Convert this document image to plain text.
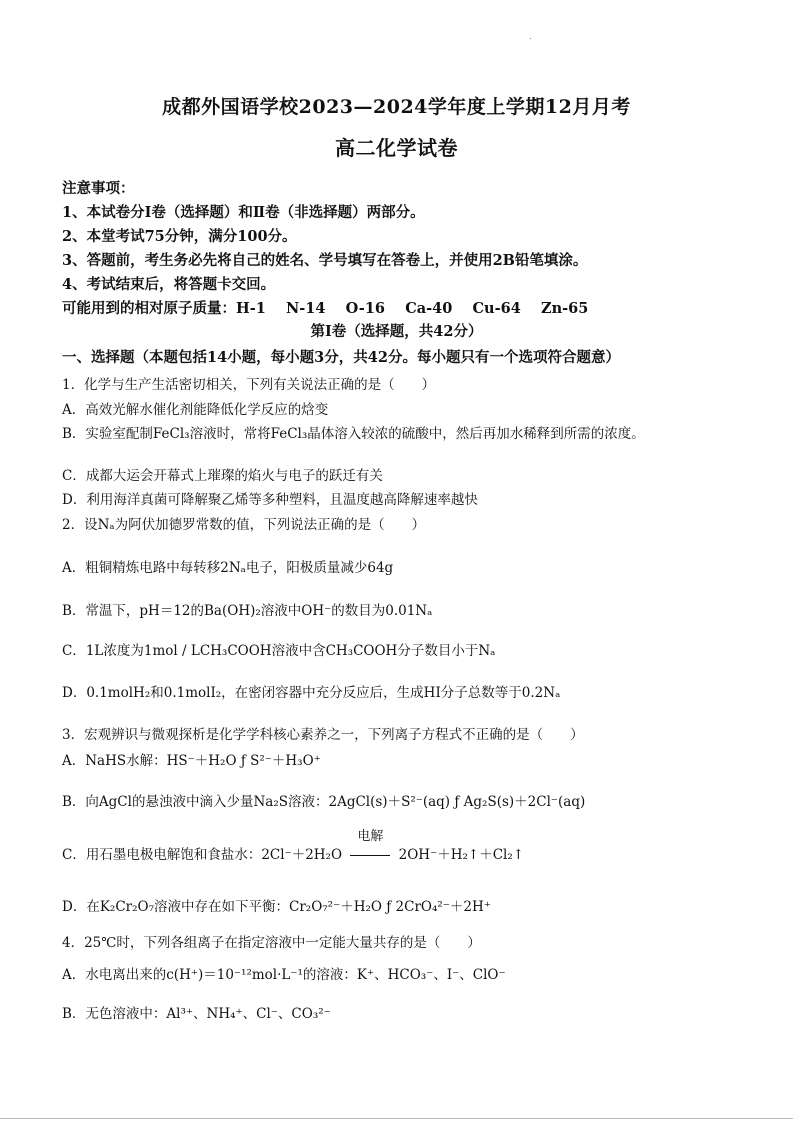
成都外国语学校2023—2024学年度上学期12月月考
高二化学试卷
注意事项：
1、本试卷分Ⅰ卷（选择题）和Ⅱ卷（非选择题）两部分。
2、本堂考试75分钟，满分100分。
3、答题前，考生务必先将自己的姓名、学号填写在答卷上，并使用2B铅笔填涂。
4、考试结束后，将答题卡交回。
可能用到的相对原子质量：H-1    N-14    O-16    Ca-40    Cu-64    Zn-65
第Ⅰ卷（选择题，共42分）
一、选择题（本题包括14小题，每小题3分，共42分。每小题只有一个选项符合题意）
1．化学与生产生活密切相关，下列有关说法正确的是（　　）
A．高效光解水催化剂能降低化学反应的焓变
B．实验室配制FeCl₃溶液时，常将FeCl₃晶体溶入较浓的硫酸中，然后再加水稀释到所需的浓度。
C．成都大运会开幕式上璀璨的焰火与电子的跃迁有关
D．利用海洋真菌可降解聚乙烯等多种塑料，且温度越高降解速率越快
2．设Nₐ为阿伏加德罗常数的值，下列说法正确的是（　　）
A．粗铜精炼电路中每转移2Nₐ电子，阳极质量减少64g
B．常温下，pH＝12的Ba(OH)₂溶液中OH⁻的数目为0.01Nₐ
C．1L浓度为1mol / LCH₃COOH溶液中含CH₃COOH分子数目小于Nₐ
D．0.1molH₂和0.1molI₂，在密闭容器中充分反应后，生成HI分子总数等于0.2Nₐ
3．宏观辨识与微观探析是化学学科核心素养之一，下列离子方程式不正确的是（　　）
A．NaHS水解：HS⁻＋H₂O ƒ S²⁻＋H₃O⁺
B．向AgCl的悬浊液中滴入少量Na₂S溶液：2AgCl(s)＋S²⁻(aq) ƒ Ag₂S(s)＋2Cl⁻(aq)
C．用石墨电极电解饱和食盐水：2Cl⁻＋2H₂O
电解
2OH⁻＋H₂↑＋Cl₂↑
D．在K₂Cr₂O₇溶液中存在如下平衡：Cr₂O₇²⁻＋H₂O ƒ 2CrO₄²⁻＋2H⁺
4．25℃时，下列各组离子在指定溶液中一定能大量共存的是（　　）
A．水电离出来的c(H⁺)＝10⁻¹²mol·L⁻¹的溶液：K⁺、HCO₃⁻、I⁻、ClO⁻
B．无色溶液中：Al³⁺、NH₄⁺、Cl⁻、CO₃²⁻
